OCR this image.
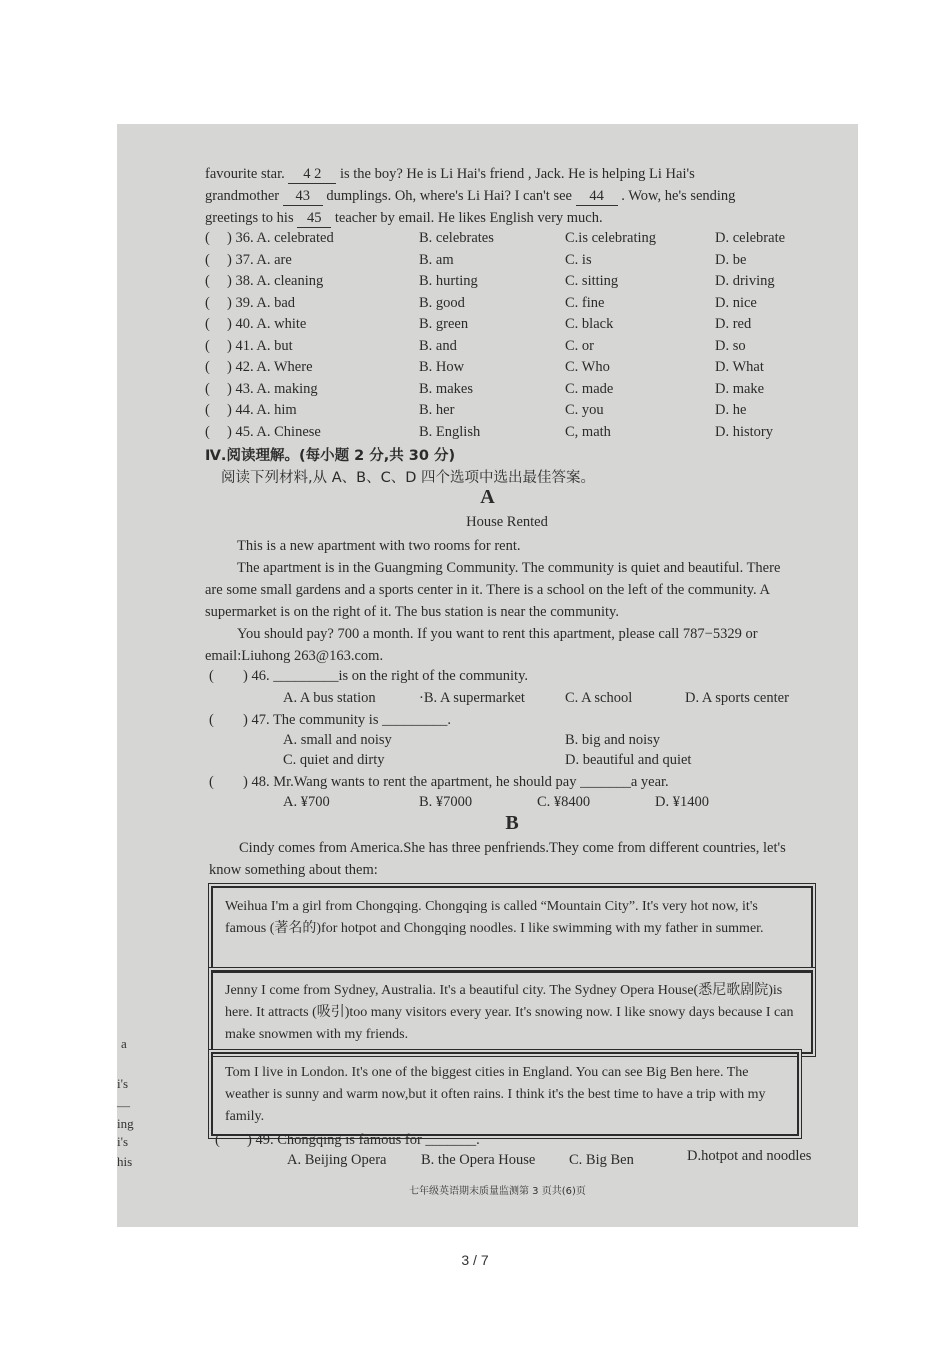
favourite star. 4 2 is the boy? He is Li Hai's friend , Jack. He is helping Li Hai's
grandmother 43 dumplings. Oh, where's Li Hai? I can't see 44 . Wow, he's sending
greetings to his 45 teacher by email. He likes English very much.
( ) 36. A. celebrated	B. celebrates	C.is celebrating	D. celebrate
( ) 37. A. are	B. am	C. is	D. be
( ) 38. A. cleaning	B. hurting	C. sitting	D. driving
( ) 39. A. bad	B. good	C. fine	D. nice
( ) 40. A. white	B. green	C. black	D. red
( ) 41. A. but	B. and	C. or	D. so
( ) 42. A. Where	B. How	C. Who	D. What
( ) 43. A. making	B. makes	C. made	D. make
( ) 44. A. him	B. her	C. you	D. he
( ) 45. A. Chinese	B. English	C, math	D. history
Ⅳ.阅读理解。(每小题 2 分,共 30 分)
阅读下列材料,从 A、B、C、D 四个选项中选出最佳答案。
A
House Rented
This is a new apartment with two rooms for rent.
The apartment is in the Guangming Community. The community is quiet and beautiful. There
are some small gardens and a sports center in it. There is a school on the left of the community. A
supermarket is on the right of it. The bus station is near the community.
You should pay? 700 a month. If you want to rent this apartment, please call 787−5329 or
email:Liuhong 263@163.com.
( ) 46. _________is on the right of the community.
A. A bus station	·B. A supermarket	C. A school	D. A sports center
( ) 47. The community is _________.
A. small and noisy	B. big and noisy
C. quiet and dirty	D. beautiful and quiet
( ) 48. Mr.Wang wants to rent the apartment, he should pay _______a year.
A. ¥700	B. ¥7000	C. ¥8400	D. ¥1400
B
Cindy comes from America.She has three penfriends.They come from different countries, let's
know something about them:
Weihua I'm a girl from Chongqing. Chongqing is called “Mountain City”. It's very hot now, it's famous (著名的)for hotpot and Chongqing noodles. I like swimming with my father in summer.
Jenny I come from Sydney, Australia. It's a beautiful city. The Sydney Opera House(悉尼歌剧院)is here. It attracts (吸引)too many visitors every year. It's snowing now. I like snowy days because I can make snowmen with my friends.
Tom I live in London. It's one of the biggest cities in England. You can see Big Ben here. The weather is sunny and warm now,but it often rains. I think it's the best time to have a trip with my family.
( ) 49. Chongqing is famous for _______.
A. Beijing Opera B. the Opera House C. Big Ben	D.hotpot and noodles
七年级英语期末质量监测第 3 页共(6)页
a
i's
—
ing
i's
his
3 / 7
